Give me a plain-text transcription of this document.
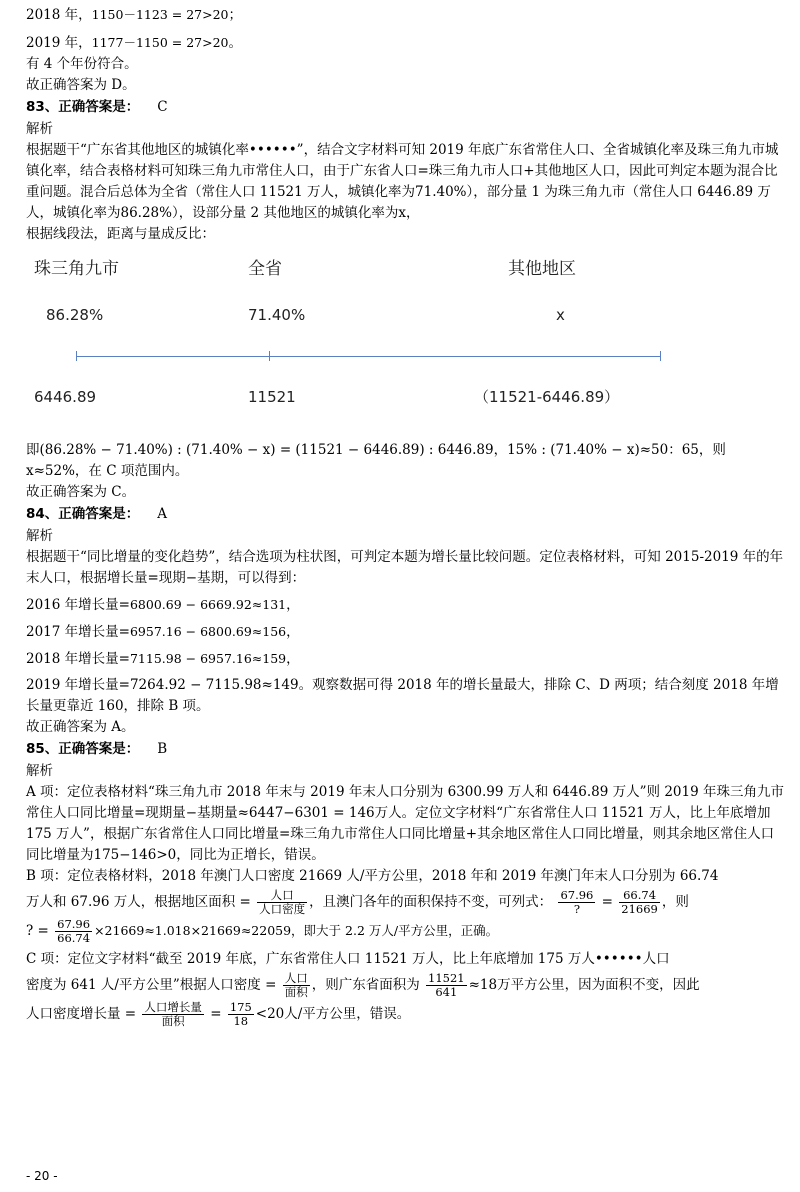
2018 年，1150－1123 = 27>20；
2019 年，1177－1150 = 27>20。
有 4 个年份符合。
故正确答案为 D。
83、正确答案是： C
解析

根据题干“广东省其他地区的城镇化率••••••”，结合文字材料可知 2019 年底广东省常住人口、全省城镇化率及珠三角九市城镇化率，结合表格材料可知珠三角九市常住人口，由于广东省人口=珠三角九市人口+其他地区人口，因此可判定本题为混合比重问题。混合后总体为全省（常住人口 11521 万人，城镇化率为71.40%），部分量 1 为珠三角九市（常住人口 6446.89 万人，城镇化率为86.28%），设部分量 2 其他地区的城镇化率为x，

根据线段法，距离与量成反比：
珠三角九市	全省	其他地区
86.28%	71.40%	x
6446.89	11521	（11521-6446.89）

即(86.28% − 71.40%) : (71.40% − x) = (11521 − 6446.89) : 6446.89，15% : (71.40% − x)≈50：65，则x≈52%，在 C 项范围内。

故正确答案为 C。
84、正确答案是： A
解析

根据题干“同比增量的变化趋势”，结合选项为柱状图，可判定本题为增长量比较问题。定位表格材料，可知 2015-2019 年的年末人口，根据增长量=现期−基期，可以得到：

2016 年增长量=6800.69 − 6669.92≈131，
2017 年增长量=6957.16 − 6800.69≈156，
2018 年增长量=7115.98 − 6957.16≈159，

2019 年增长量=7264.92 − 7115.98≈149。观察数据可得 2018 年的增长量最大，排除 C、D 两项；结合刻度 2018 年增长量更靠近 160，排除 B 项。

故正确答案为 A。
85、正确答案是： B
解析

A 项：定位表格材料“珠三角九市 2018 年末与 2019 年末人口分别为 6300.99 万人和 6446.89 万人”则 2019 年珠三角九市常住人口同比增量=现期量−基期量≈6447−6301 = 146万人。定位文字材料“广东省常住人口 11521 万人，比上年底增加 175 万人”，根据广东省常住人口同比增量=珠三角九市常住人口同比增量+其余地区常住人口同比增量，则其余地区常住人口同比增量为175−146>0，同比为正增长，错误。

B 项：定位表格材料，2018 年澳门人口密度 21669 人/平方公里，2018 年和 2019 年澳门年末人口分别为 66.74
万人和 67.96 万人，根据地区面积 = $\frac{\text{人口}}{\text{人口密度}}$ ，且澳门各年的面积保持不变，可列式： $\frac{67.96}{?} = \frac{66.74}{21669}$ ，则
? = $\frac{67.96}{66.74} \times 21669\approx 1.018\times 21669\approx 22059$，即大于 2.2 万人/平方公里，正确。
C 项：定位文字材料“截至 2019 年底，广东省常住人口 11521 万人，比上年底增加 175 万人••••••人口
密度为 641 人/平方公里”根据人口密度 = $\frac{\text{人口}}{\text{面积}}$ ，则广东省面积为 $\frac{11521}{641} \approx 18$万平方公里，因为面积不变，因此
人口密度增长量 = $\frac{\text{人口增长量}}{\text{面积}} = \frac{175}{18} <20$人/平方公里，错误。
- 20 -
